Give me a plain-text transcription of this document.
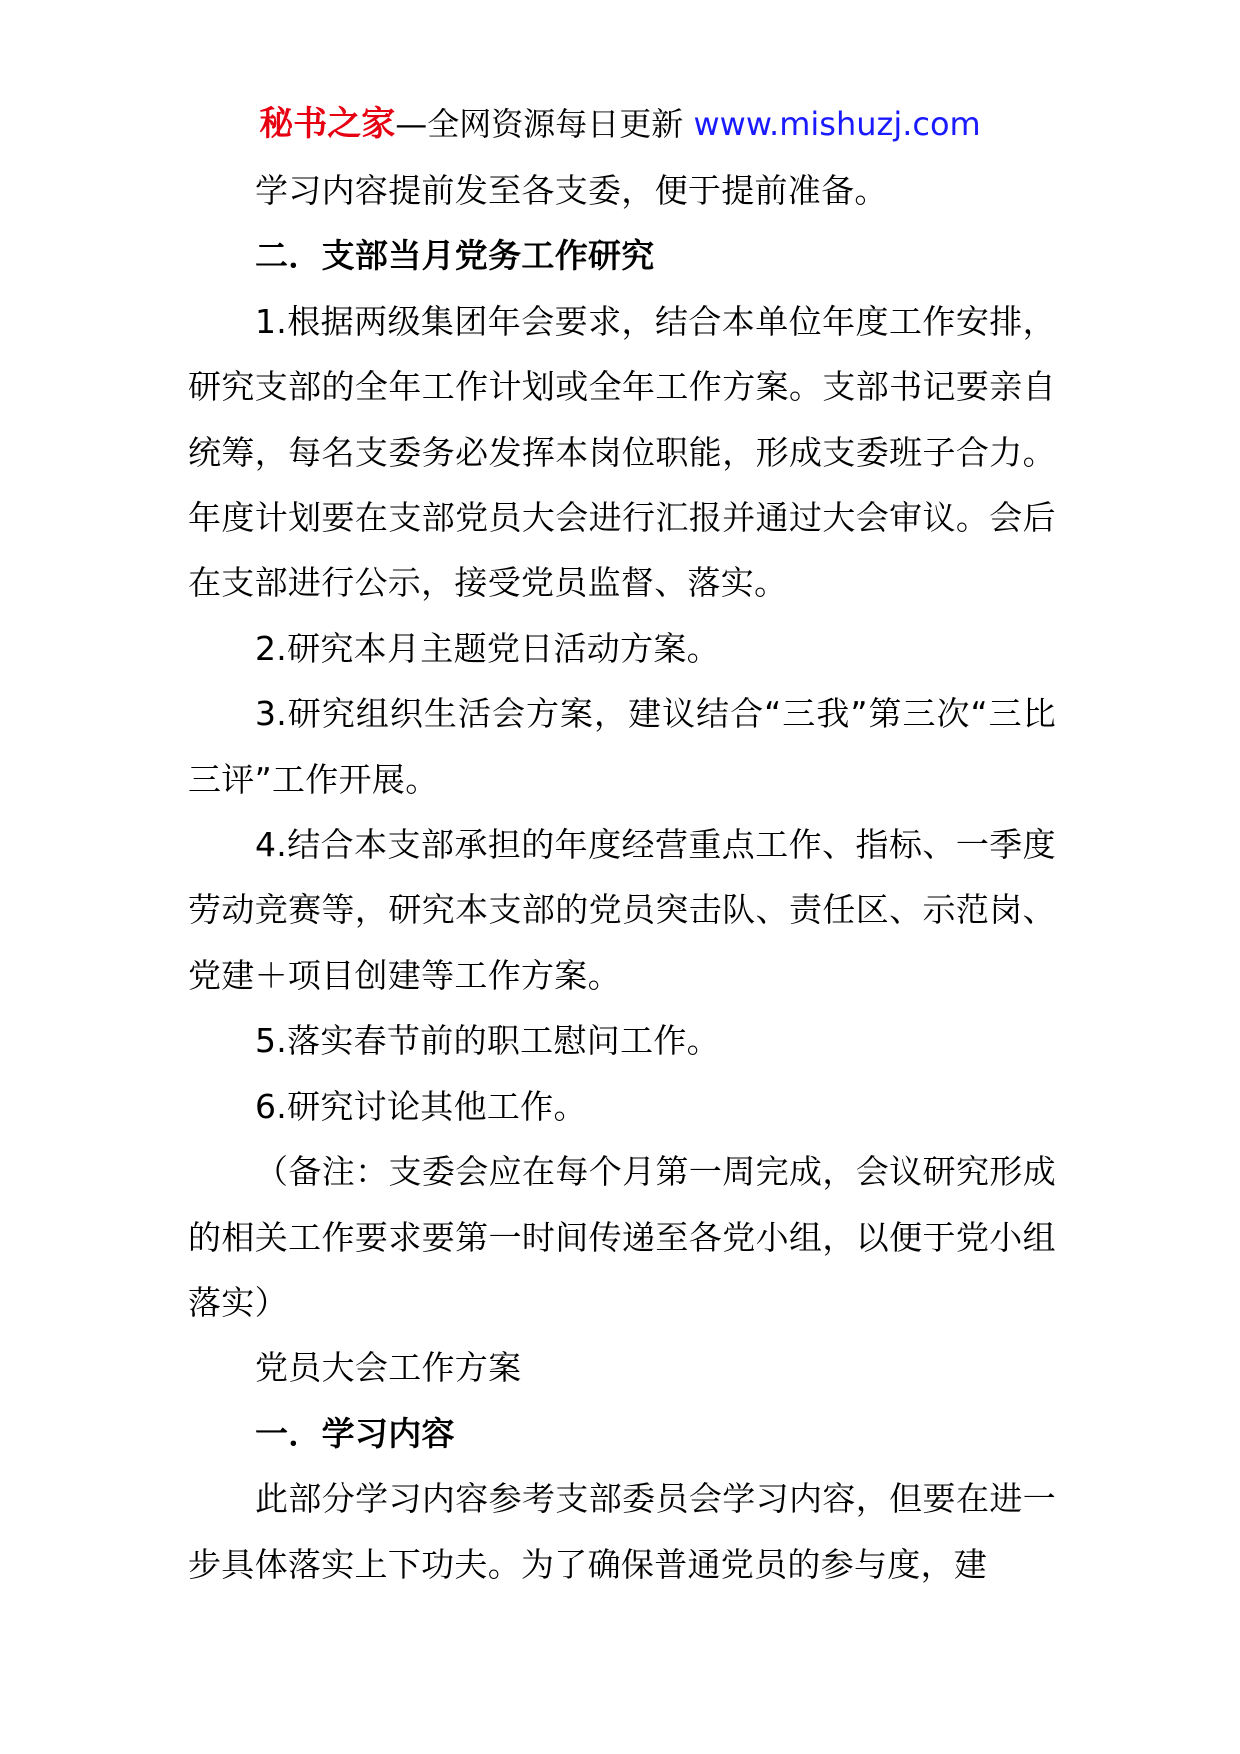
秘书之家—全网资源每日更新 www.mishuzj.com

学习内容提前发至各支委，便于提前准备。

二．支部当月党务工作研究

1.根据两级集团年会要求，结合本单位年度工作安排，研究支部的全年工作计划或全年工作方案。支部书记要亲自统筹，每名支委务必发挥本岗位职能，形成支委班子合力。年度计划要在支部党员大会进行汇报并通过大会审议。会后在支部进行公示，接受党员监督、落实。

2.研究本月主题党日活动方案。

3.研究组织生活会方案，建议结合“三我”第三次“三比三评”工作开展。

4.结合本支部承担的年度经营重点工作、指标、一季度劳动竞赛等，研究本支部的党员突击队、责任区、示范岗、党建＋项目创建等工作方案。

5.落实春节前的职工慰问工作。

6.研究讨论其他工作。

（备注：支委会应在每个月第一周完成，会议研究形成的相关工作要求要第一时间传递至各党小组，以便于党小组落实）

党员大会工作方案

一．学习内容

此部分学习内容参考支部委员会学习内容，但要在进一步具体落实上下功夫。为了确保普通党员的参与度，建
